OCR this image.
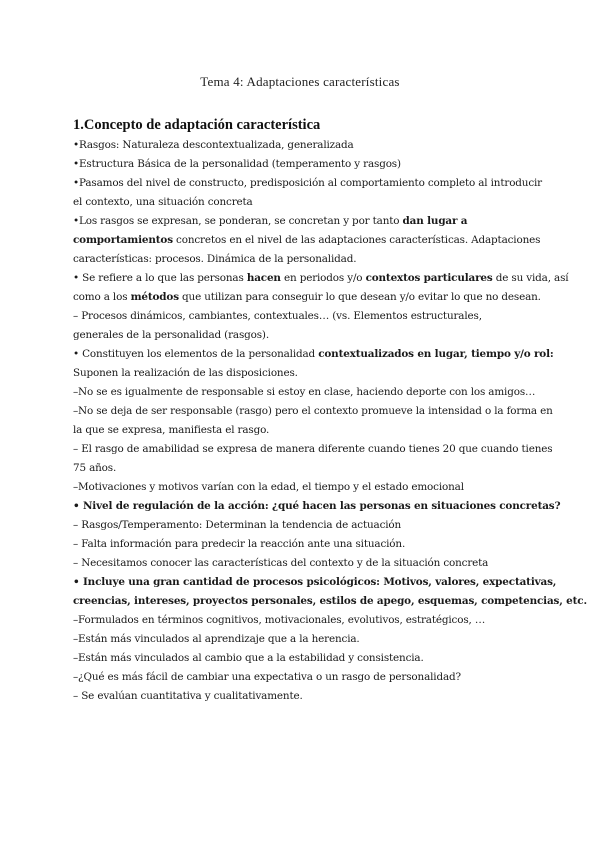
Tema 4: Adaptaciones características
1.Concepto de adaptación característica
•Rasgos: Naturaleza descontextualizada, generalizada
•Estructura Básica de la personalidad (temperamento y rasgos)
•Pasamos del nivel de constructo, predisposición al comportamiento completo al introducir
el contexto, una situación concreta
•Los rasgos se expresan, se ponderan, se concretan y por tanto dan lugar a
comportamientos concretos en el nivel de las adaptaciones características. Adaptaciones
características: procesos. Dinámica de la personalidad.
• Se refiere a lo que las personas hacen en periodos y/o contextos particulares de su vida, así
como a los métodos que utilizan para conseguir lo que desean y/o evitar lo que no desean.
– Procesos dinámicos, cambiantes, contextuales… (vs. Elementos estructurales,
generales de la personalidad (rasgos).
• Constituyen los elementos de la personalidad contextualizados en lugar, tiempo y/o rol:
Suponen la realización de las disposiciones.
–No se es igualmente de responsable si estoy en clase, haciendo deporte con los amigos…
–No se deja de ser responsable (rasgo) pero el contexto promueve la intensidad o la forma en
la que se expresa, manifiesta el rasgo.
– El rasgo de amabilidad se expresa de manera diferente cuando tienes 20 que cuando tienes
75 años.
–Motivaciones y motivos varían con la edad, el tiempo y el estado emocional
• Nivel de regulación de la acción: ¿qué hacen las personas en situaciones concretas?
– Rasgos/Temperamento: Determinan la tendencia de actuación
– Falta información para predecir la reacción ante una situación.
– Necesitamos conocer las características del contexto y de la situación concreta
• Incluye una gran cantidad de procesos psicológicos: Motivos, valores, expectativas,
creencias, intereses, proyectos personales, estilos de apego, esquemas, competencias, etc.
–Formulados en términos cognitivos, motivacionales, evolutivos, estratégicos, …
–Están más vinculados al aprendizaje que a la herencia.
–Están más vinculados al cambio que a la estabilidad y consistencia.
–¿Qué es más fácil de cambiar una expectativa o un rasgo de personalidad?
– Se evalúan cuantitativa y cualitativamente.
